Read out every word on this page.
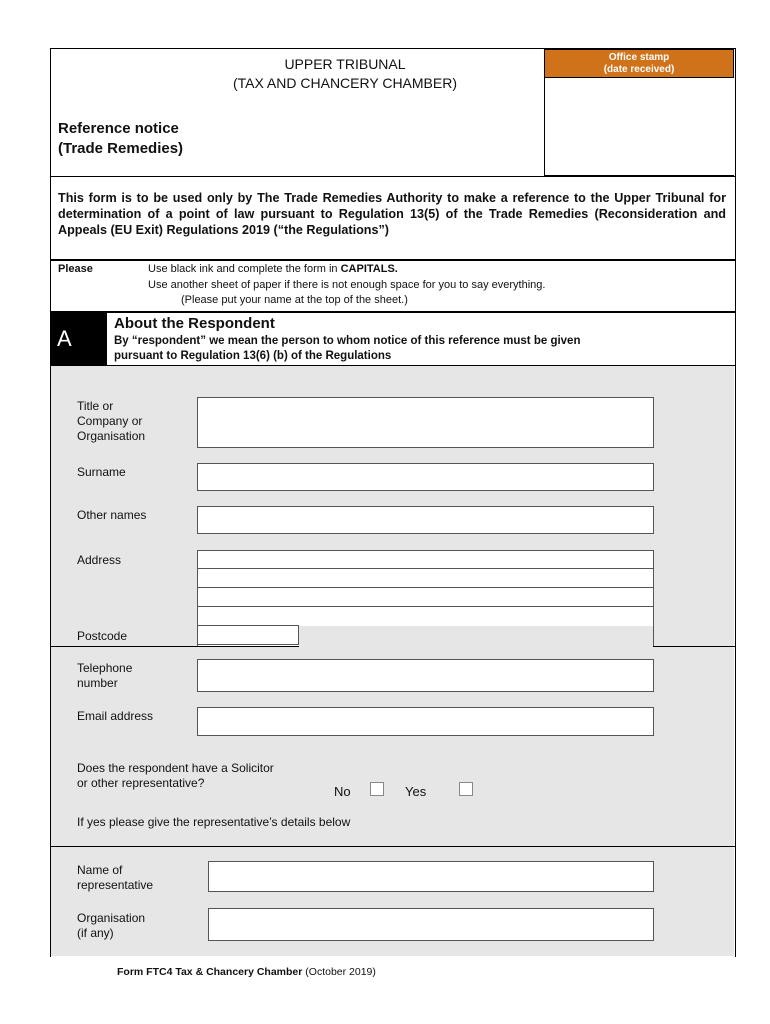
UPPER TRIBUNAL
(TAX AND CHANCERY CHAMBER)
Office stamp
(date received)
Reference notice
(Trade Remedies)
This form is to be used only by The Trade Remedies Authority to make a reference to the Upper Tribunal for determination of a point of law pursuant to Regulation 13(5) of the Trade Remedies (Reconsideration and Appeals (EU Exit) Regulations 2019 (“the Regulations”)
Please	Use black ink and complete the form in CAPITALS.
Use another sheet of paper if there is not enough space for you to say everything.
(Please put your name at the top of the sheet.)
A
About the Respondent
By “respondent” we mean the person to whom notice of this reference must be given
pursuant to Regulation 13(6) (b) of the Regulations
Title or
Company or
Organisation
Surname
Other names
Address
Postcode
Telephone
number
Email address
Does the respondent have a Solicitor
or other representative?
No	Yes
If yes please give the representative’s details below
Name of
representative
Organisation
(if any)
Form FTC4 Tax & Chancery Chamber (October 2019)
